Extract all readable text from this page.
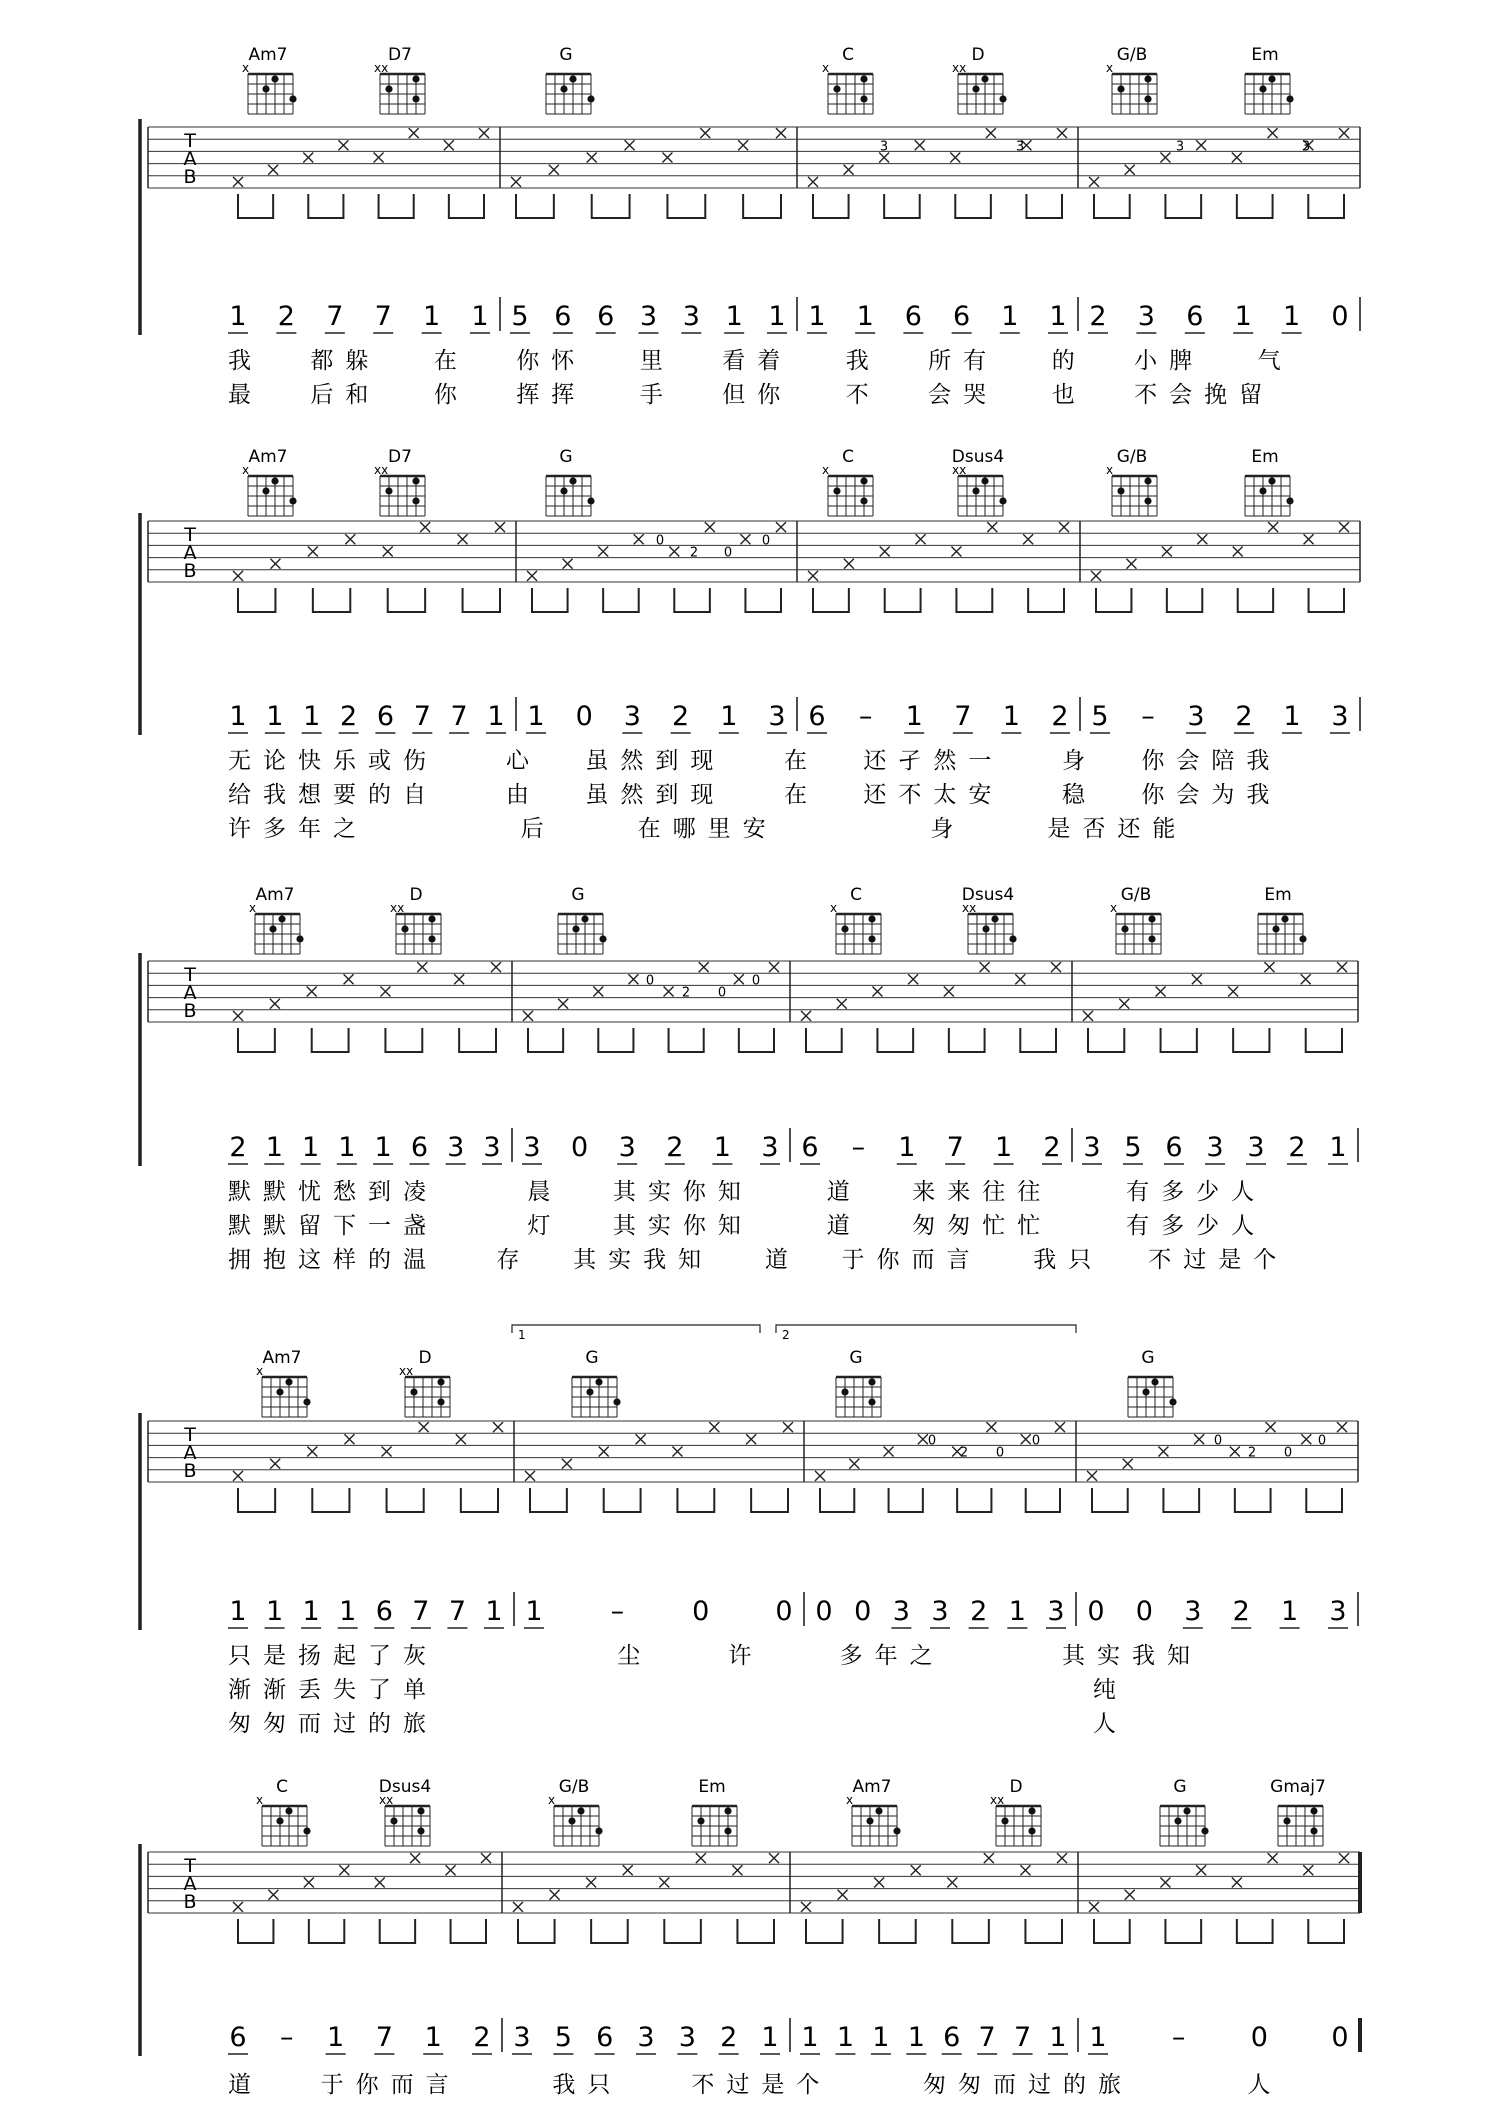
Am7
x
D7
xx
G	C
x
D
xx
G/B
x
Em
T
A
B
3	3	3	3
1 2 7 7 1 1 5 6 6 3 3 1 1 1 1 6 6 1 1 2 3 6 1 1 0
我 都躲 在 你怀 里 看着 我 所有 的 小脾 气
最 后和 你 挥挥 手 但你 不 会哭 也 不会挽留
Am7
x
D7
xx
G	C
x
Dsus4
xx
G/B
x
Em
T
A
B
0
2 0
0
1 1 1 2 6 7 7 1 1 0 3 2 1 3 6 – 1 7 1 2 5 – 3 2 1 3
无论快乐或伤	心 虽然到现	在 还孑然一	身 你会陪我
给我想要的自	由 虽然到现	在 还不太安	稳 你会为我
许多年之	后	在哪里安	身	是否还能
Am7
x
D
xx
G	C
x
Dsus4
xx
G/B
x
Em
T
A
B
0
2 0
0
2 1 1 1 1 6 3 3 3 0 3 2 1 3 6 – 1 7 1 2 3 5 6 3 3 2 1
默默忧愁到凌	晨 其实你知	道 来来往往	有多少人
默默留下一盏	灯 其实你知	道 匆匆忙忙	有多少人
拥抱这样的温	存 其实我知 道 于你而言 我只 不过是个
Am7
x
D
xx
G	G	G
T
A
B
0
2 0
0	0
2 0
0
1	2
1 1 1 1 6 7 7 1 1	–	0 0 0 0 3 3 2 1 3 0 0 3 2 1 3
只是扬起了灰	尘	许	多年之	其实我知
渐渐丢失了单	纯
匆匆而过的旅	人
C
x
Dsus4
xx
G/B
x
Em	Am7
x
D
xx
G	Gmaj7
T
A
B
6 – 1 7 1 2 3 5 6 3 3 2 1 1 1 1 1 6 7 7 1 1 – 0 0
道	于你而言	我只	不过是个	匆匆而过的旅	人
